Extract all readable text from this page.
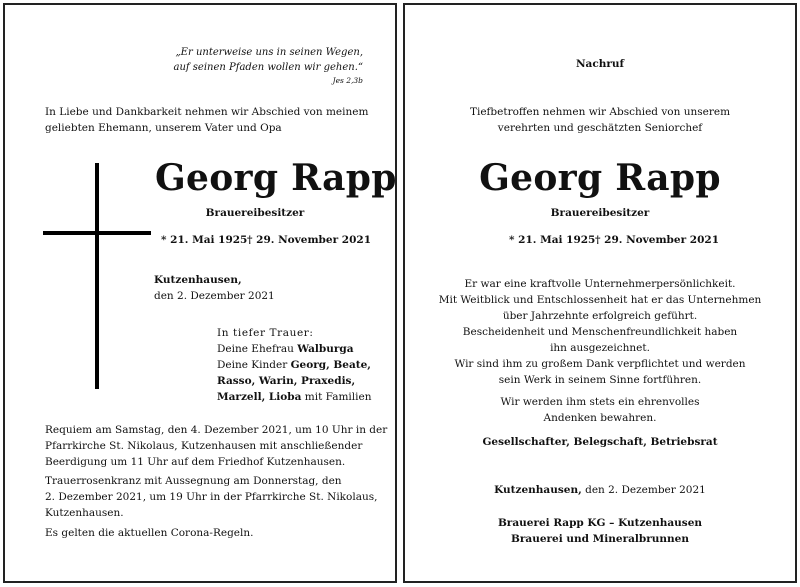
„Er unterweise uns in seinen Wegen,
auf seinen Pfaden wollen wir gehen.“
Jes 2,3b
In Liebe und Dankbarkeit nehmen wir Abschied von meinem
geliebten Ehemann, unserem Vater und Opa
Georg Rapp
Brauereibesitzer
* 21. Mai 1925 † 29. November 2021
Kutzenhausen,
den 2. Dezember 2021
In tiefer Trauer:
Deine Ehefrau Walburga
Deine Kinder Georg, Beate,
Rasso, Warin, Praxedis,
Marzell, Lioba mit Familien
Requiem am Samstag, den 4. Dezember 2021, um 10 Uhr in der
Pfarrkirche St. Nikolaus, Kutzenhausen mit anschließender
Beerdigung um 11 Uhr auf dem Friedhof Kutzenhausen.
Trauerrosenkranz mit Aussegnung am Donnerstag, den
2. Dezember 2021, um 19 Uhr in der Pfarrkirche St. Nikolaus,
Kutzenhausen.
Es gelten die aktuellen Corona-Regeln.
Nachruf
Tiefbetroffen nehmen wir Abschied von unserem
verehrten und geschätzten Seniorchef
Georg Rapp
Brauereibesitzer
* 21. Mai 1925 † 29. November 2021
Er war eine kraftvolle Unternehmerpersönlichkeit.
Mit Weitblick und Entschlossenheit hat er das Unternehmen
über Jahrzehnte erfolgreich geführt.
Bescheidenheit und Menschenfreundlichkeit haben
ihn ausgezeichnet.
Wir sind ihm zu großem Dank verpflichtet und werden
sein Werk in seinem Sinne fortführen.
Wir werden ihm stets ein ehrenvolles
Andenken bewahren.
Gesellschafter, Belegschaft, Betriebsrat
Kutzenhausen, den 2. Dezember 2021
Brauerei Rapp KG – Kutzenhausen
Brauerei und Mineralbrunnen
